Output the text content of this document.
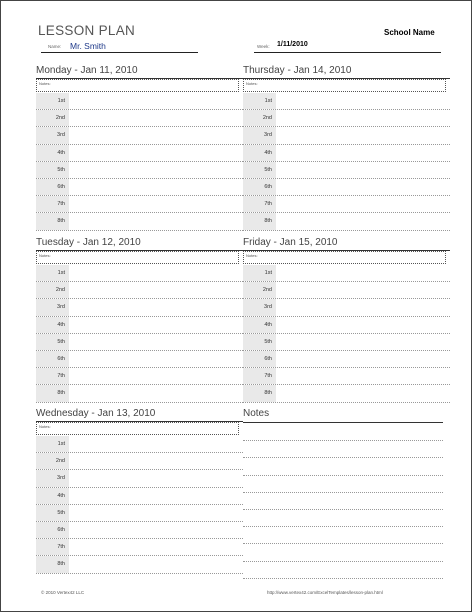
LESSON PLAN	School Name
Name: Mr. Smith	Week: 1/11/2010
Monday - Jan 11, 2010
Notes:
1st
2nd
3rd
4th
5th
6th
7th
8th
Thursday - Jan 14, 2010
Notes:
1st
2nd
3rd
4th
5th
6th
7th
8th
Tuesday - Jan 12, 2010
Notes:
1st
2nd
3rd
4th
5th
6th
7th
8th
Friday - Jan 15, 2010
Notes:
1st
2nd
3rd
4th
5th
6th
7th
8th
Wednesday - Jan 13, 2010
Notes:
1st
2nd
3rd
4th
5th
6th
7th
8th
Notes
© 2010 Vertex42 LLC	http://www.vertex42.com/ExcelTemplates/lesson-plan.html
